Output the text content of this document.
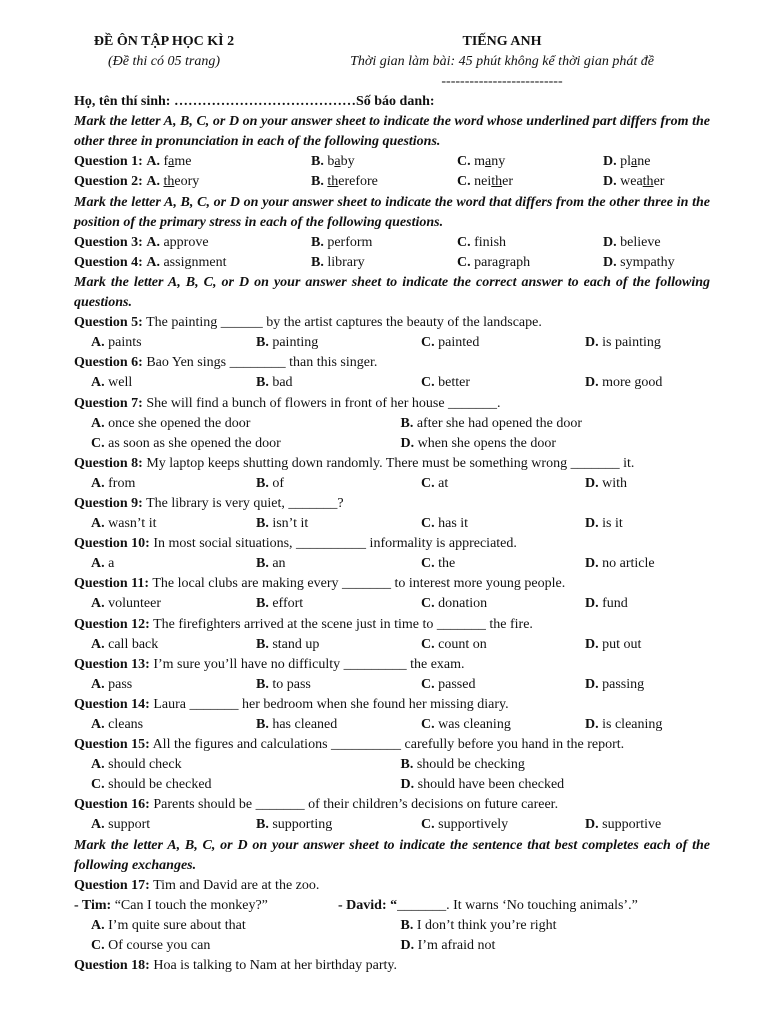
ĐỀ ÔN TẬP HỌC KÌ 2	TIẾNG ANH
(Đề thi có 05 trang)	Thời gian làm bài: 45 phút không kể thời gian phát đề
--------------------------
Họ, tên thí sinh: …………………………………Số báo danh:
Mark the letter A, B, C, or D on your answer sheet to indicate the word whose underlined part differs from the other three in pronunciation in each of the following questions.
Question 1: A. fame	B. baby	C. many	D. plane
Question 2: A. theory	B. therefore	C. neither	D. weather
Mark the letter A, B, C, or D on your answer sheet to indicate the word that differs from the other three in the position of the primary stress in each of the following questions.
Question 3: A. approve	B. perform	C. finish	D. believe
Question 4: A. assignment	B. library	C. paragraph	D. sympathy
Mark the letter A, B, C, or D on your answer sheet to indicate the correct answer to each of the following questions.
Question 5: The painting ______ by the artist captures the beauty of the landscape.
A. paints	B. painting	C. painted	D. is painting
Question 6: Bao Yen sings ________ than this singer.
A. well	B. bad	C. better	D. more good
Question 7: She will find a bunch of flowers in front of her house _______.
A. once she opened the door	B. after she had opened the door
C. as soon as she opened the door	D. when she opens the door
Question 8: My laptop keeps shutting down randomly. There must be something wrong _______ it.
A. from	B. of	C. at	D. with
Question 9: The library is very quiet, _______?
A. wasn’t it	B. isn’t it	C. has it	D. is it
Question 10: In most social situations, __________ informality is appreciated.
A. a	B. an	C. the	D. no article
Question 11: The local clubs are making every _______ to interest more young people.
A. volunteer	B. effort	C. donation	D. fund
Question 12: The firefighters arrived at the scene just in time to _______ the fire.
A. call back	B. stand up	C. count on	D. put out
Question 13: I’m sure you’ll have no difficulty _________ the exam.
A. pass	B. to pass	C. passed	D. passing
Question 14: Laura _______ her bedroom when she found her missing diary.
A. cleans	B. has cleaned	C. was cleaning	D. is cleaning
Question 15: All the figures and calculations __________ carefully before you hand in the report.
A. should check	B. should be checking
C. should be checked	D. should have been checked
Question 16: Parents should be _______ of their children’s decisions on future career.
A. support	B. supporting	C. supportively	D. supportive
Mark the letter A, B, C, or D on your answer sheet to indicate the sentence that best completes each of the following exchanges.
Question 17: Tim and David are at the zoo.
- Tim: “Can I touch the monkey?”	- David: “_______. It warns ‘No touching animals’.”
A. I’m quite sure about that	B. I don’t think you’re right
C. Of course you can	D. I’m afraid not
Question 18: Hoa is talking to Nam at her birthday party.
